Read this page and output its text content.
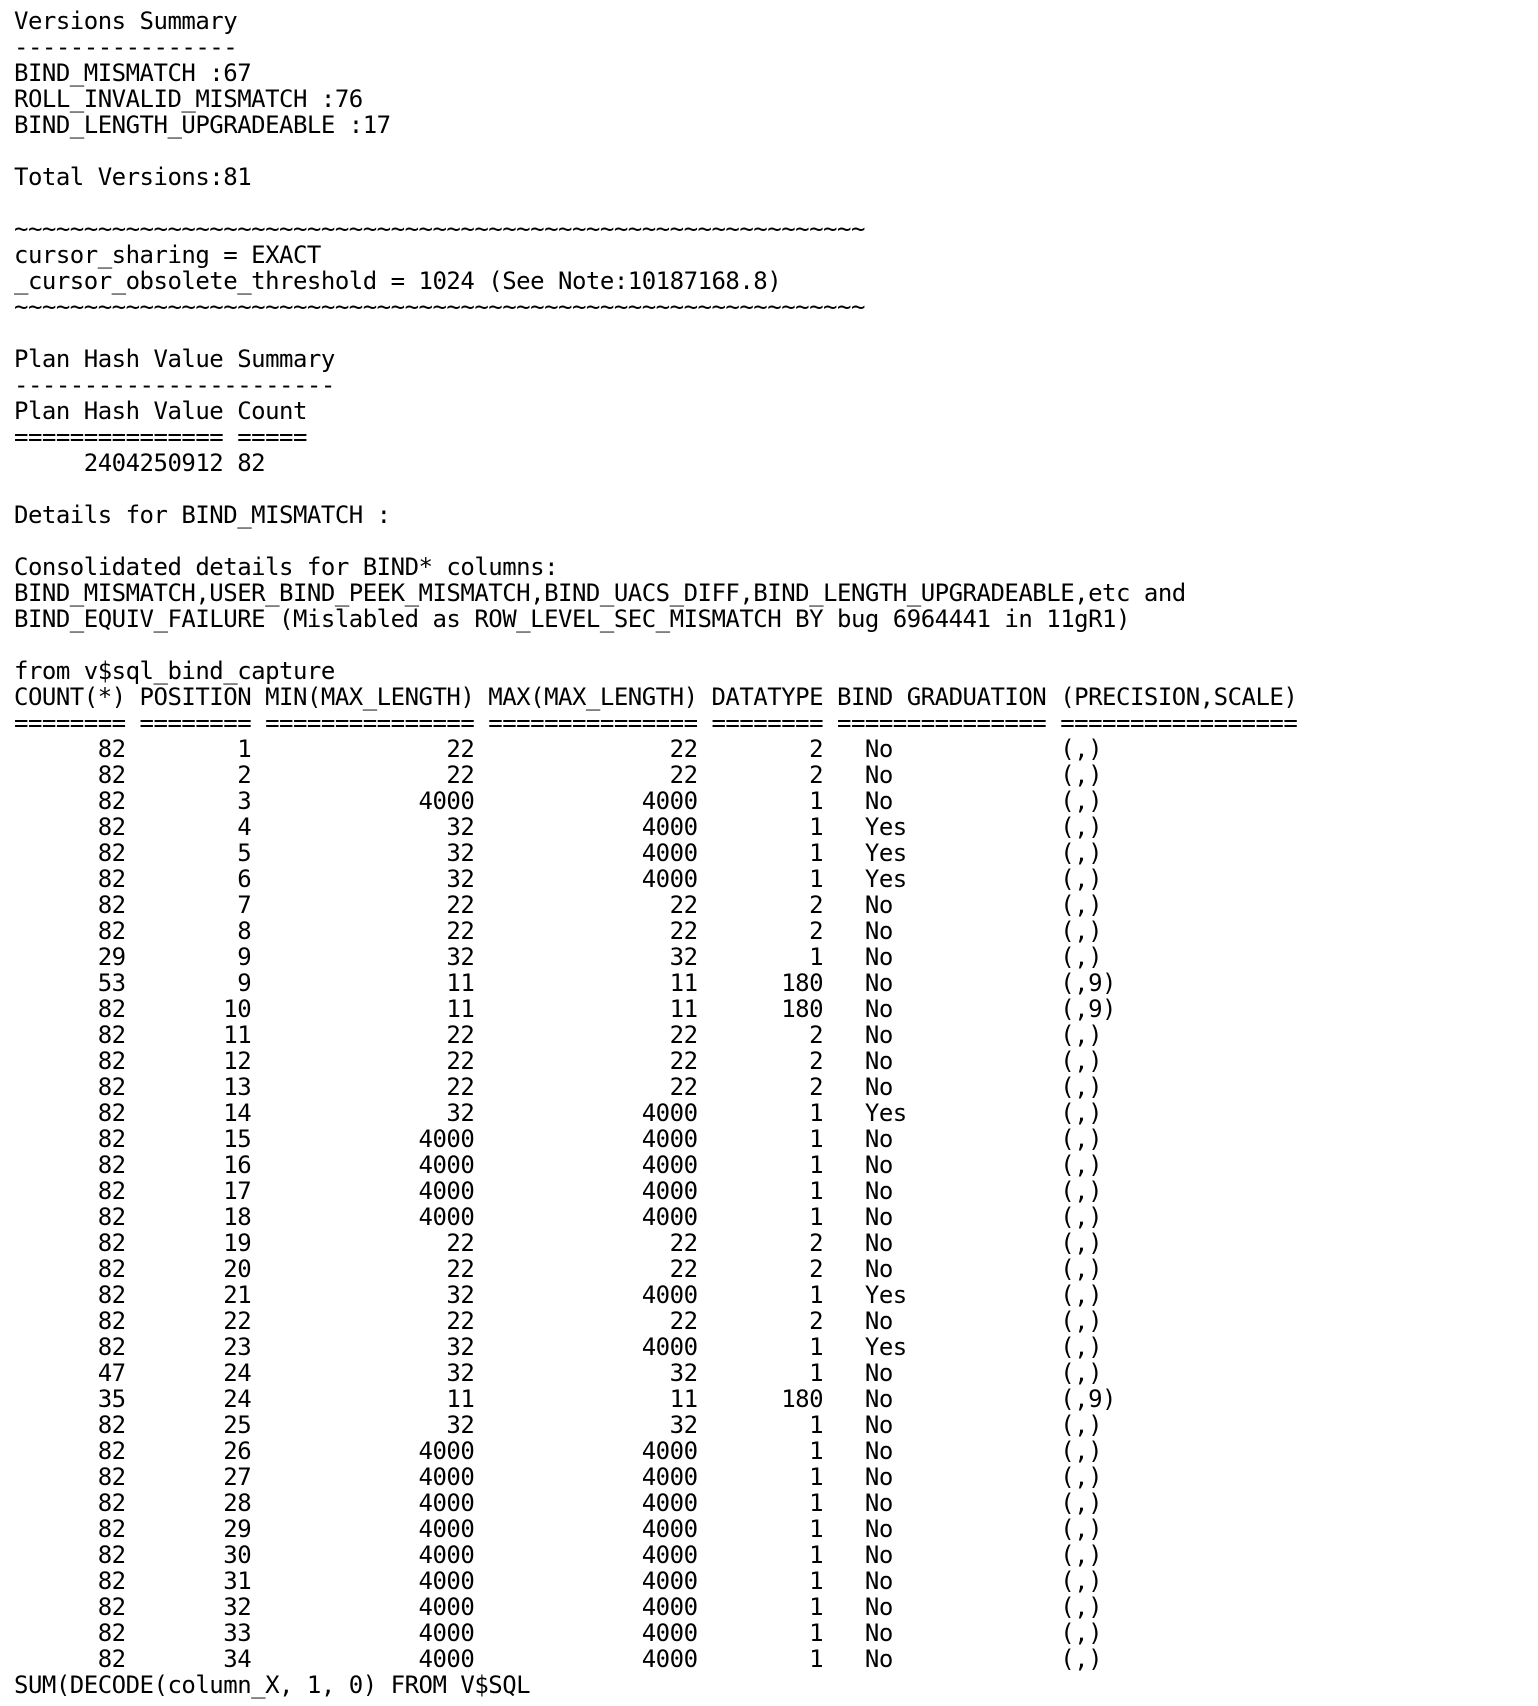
Versions Summary
----------------
BIND_MISMATCH :67
ROLL_INVALID_MISMATCH :76
BIND_LENGTH_UPGRADEABLE :17

Total Versions:81

~~~~~~~~~~~~~~~~~~~~~~~~~~~~~~~~~~~~~~~~~~~~~~~~~~~~~~~~~~~~~
cursor_sharing = EXACT
_cursor_obsolete_threshold = 1024 (See Note:10187168.8)
~~~~~~~~~~~~~~~~~~~~~~~~~~~~~~~~~~~~~~~~~~~~~~~~~~~~~~~~~~~~~

Plan Hash Value Summary
-----------------------
Plan Hash Value Count
=============== =====
2404250912 82

Details for BIND_MISMATCH :

Consolidated details for BIND* columns:
BIND_MISMATCH,USER_BIND_PEEK_MISMATCH,BIND_UACS_DIFF,BIND_LENGTH_UPGRADEABLE,etc and
BIND_EQUIV_FAILURE (Mislabled as ROW_LEVEL_SEC_MISMATCH BY bug 6964441 in 11gR1)

from v$sql_bind_capture
COUNT(*) POSITION MIN(MAX_LENGTH) MAX(MAX_LENGTH) DATATYPE BIND GRADUATION (PRECISION,SCALE)
======== ======== =============== =============== ======== =============== =================
82        1              22              22        2   No            (,)
82        2              22              22        2   No            (,)
82        3            4000            4000        1   No            (,)
82        4              32            4000        1   Yes           (,)
82        5              32            4000        1   Yes           (,)
82        6              32            4000        1   Yes           (,)
82        7              22              22        2   No            (,)
82        8              22              22        2   No            (,)
29        9              32              32        1   No            (,)
53        9              11              11      180   No            (,9)
82       10              11              11      180   No            (,9)
82       11              22              22        2   No            (,)
82       12              22              22        2   No            (,)
82       13              22              22        2   No            (,)
82       14              32            4000        1   Yes           (,)
82       15            4000            4000        1   No            (,)
82       16            4000            4000        1   No            (,)
82       17            4000            4000        1   No            (,)
82       18            4000            4000        1   No            (,)
82       19              22              22        2   No            (,)
82       20              22              22        2   No            (,)
82       21              32            4000        1   Yes           (,)
82       22              22              22        2   No            (,)
82       23              32            4000        1   Yes           (,)
47       24              32              32        1   No            (,)
35       24              11              11      180   No            (,9)
82       25              32              32        1   No            (,)
82       26            4000            4000        1   No            (,)
82       27            4000            4000        1   No            (,)
82       28            4000            4000        1   No            (,)
82       29            4000            4000        1   No            (,)
82       30            4000            4000        1   No            (,)
82       31            4000            4000        1   No            (,)
82       32            4000            4000        1   No            (,)
82       33            4000            4000        1   No            (,)
82       34            4000            4000        1   No            (,)
SUM(DECODE(column_X, 1, 0) FROM V$SQL
